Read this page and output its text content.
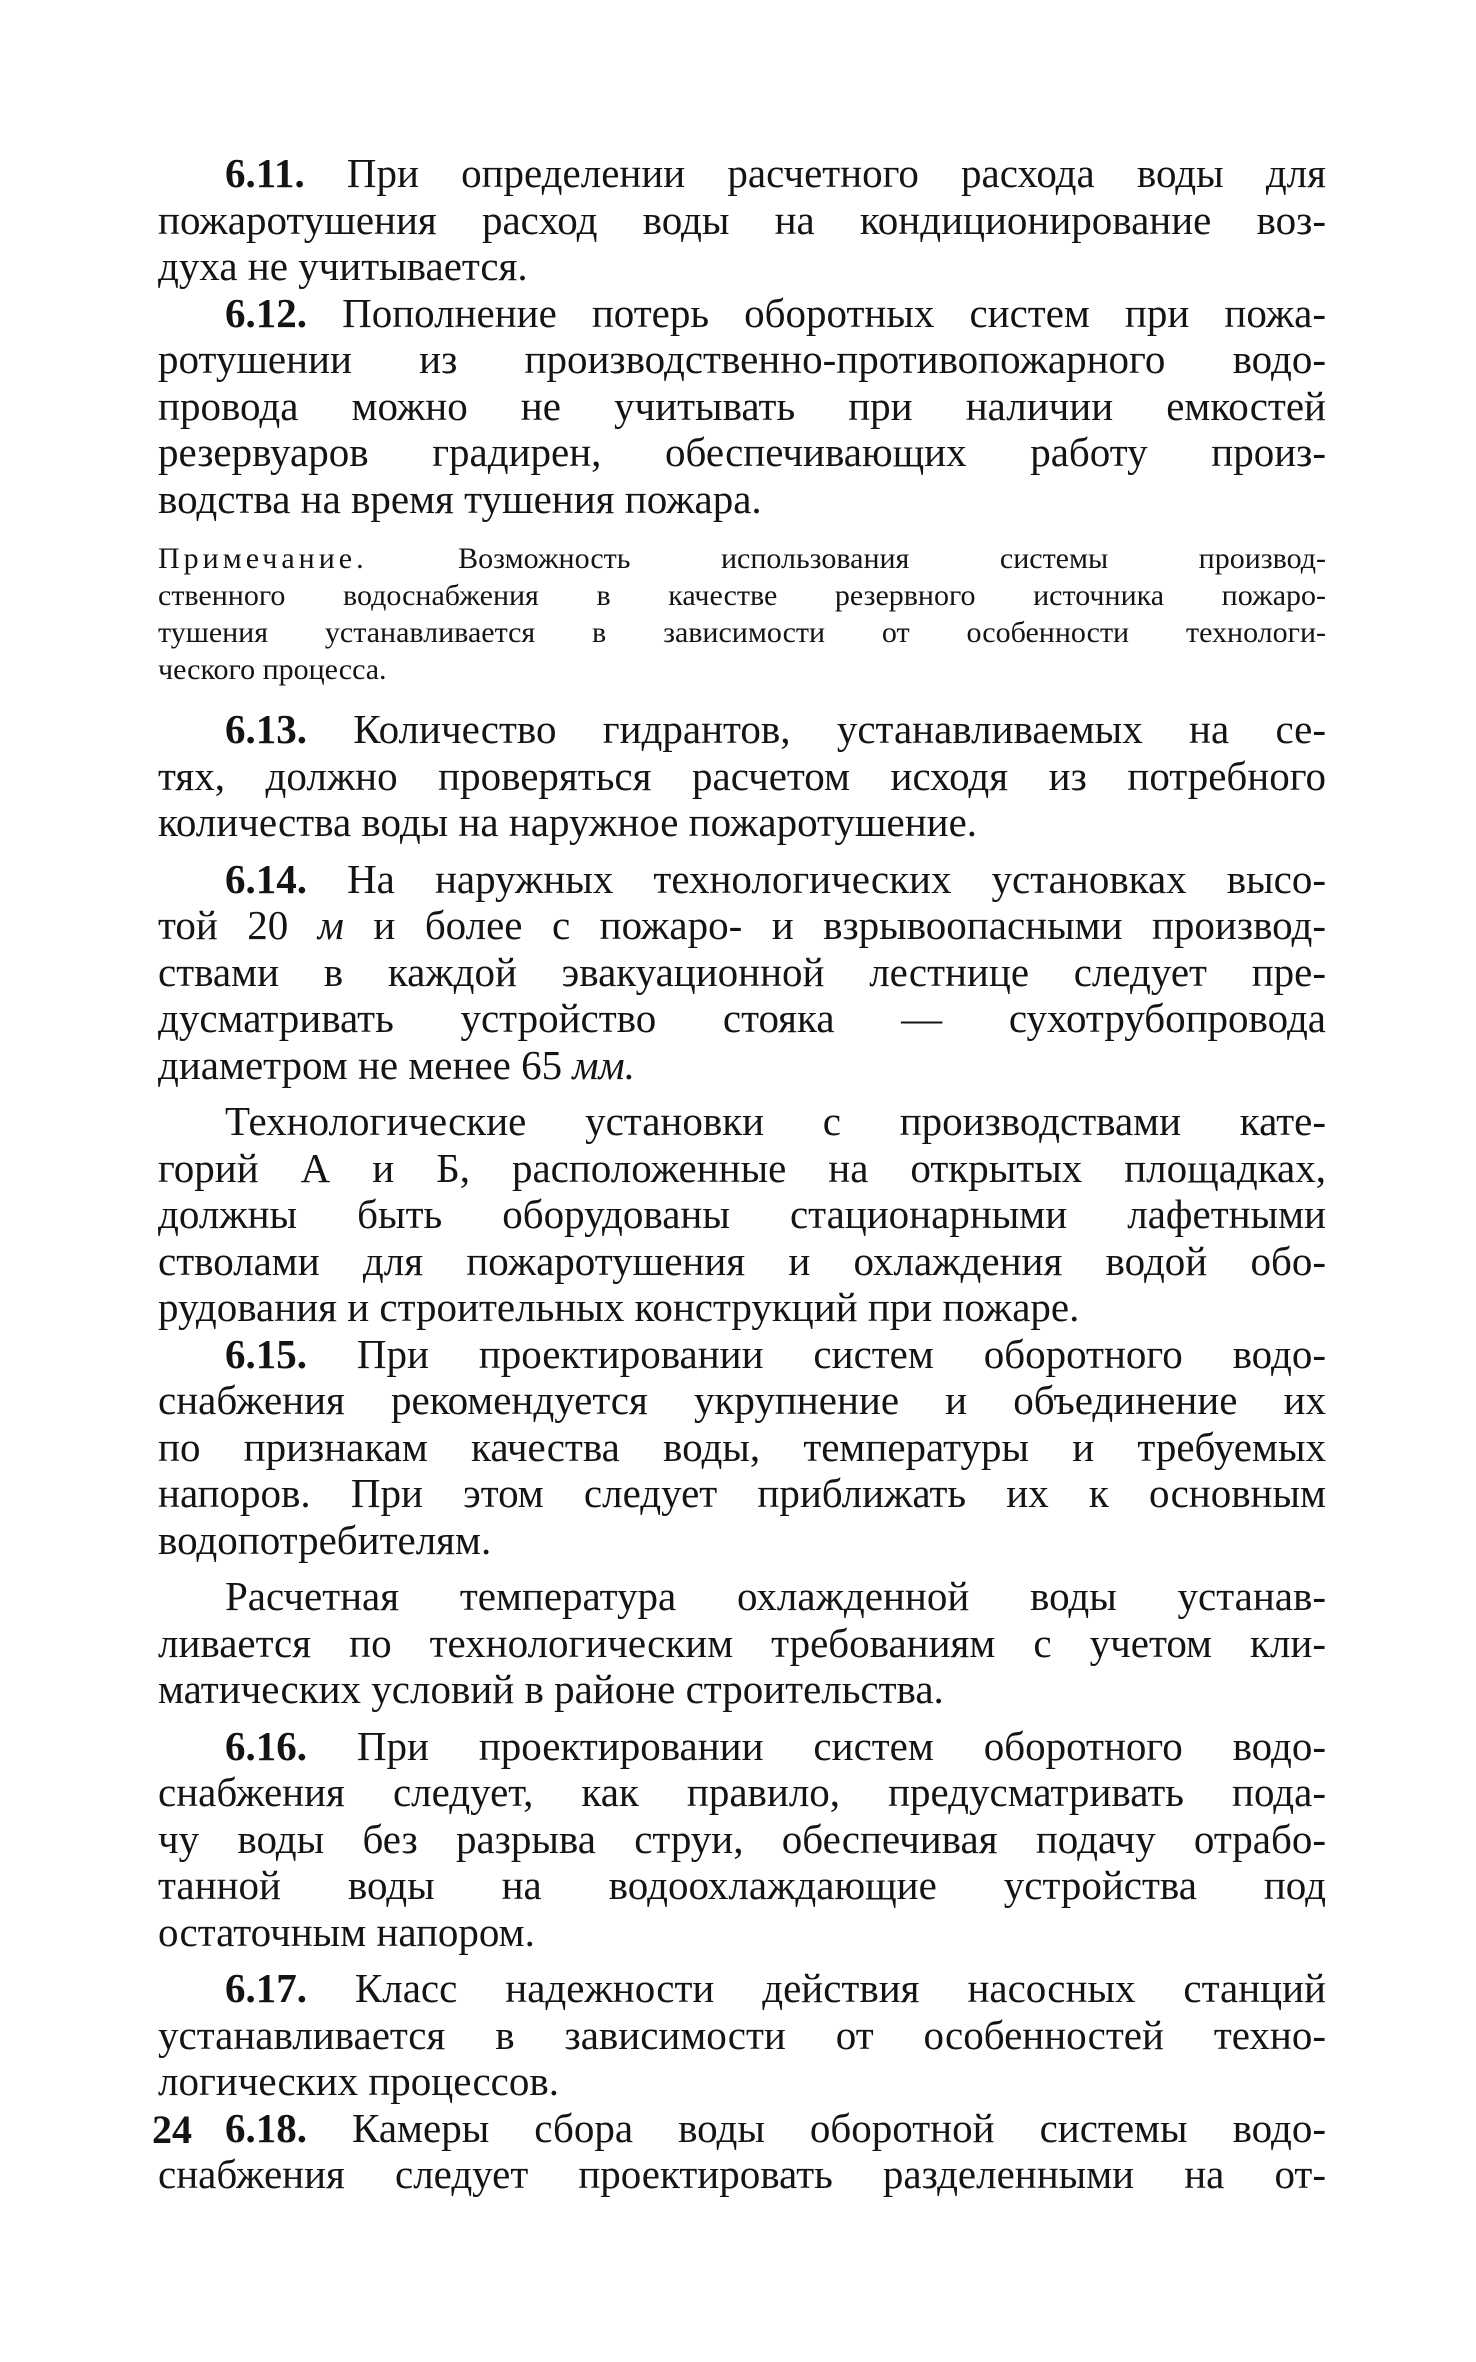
6.11. При определении расчетного расхода воды для
пожаротушения расход воды на кондиционирование воз-
духа не учитывается.

6.12. Пополнение потерь оборотных систем при пожа-
ротушении из производственно-противопожарного водо-
провода можно не учитывать при наличии емкостей
резервуаров градирен, обеспечивающих работу произ-
водства на время тушения пожара.

Примечание. Возможность использования системы производ-
ственного водоснабжения в качестве резервного источника пожаро-
тушения устанавливается в зависимости от особенности технологи-
ческого процесса.

6.13. Количество гидрантов, устанавливаемых на се-
тях, должно проверяться расчетом исходя из потребного
количества воды на наружное пожаротушение.

6.14. На наружных технологических установках высо-
той 20 м и более с пожаро- и взрывоопасными производ-
ствами в каждой эвакуационной лестнице следует пре-
дусматривать устройство стояка — сухотрубопровода
диаметром не менее 65 мм.

Технологические установки с производствами кате-
горий А и Б, расположенные на открытых площадках,
должны быть оборудованы стационарными лафетными
стволами для пожаротушения и охлаждения водой обо-
рудования и строительных конструкций при пожаре.

6.15. При проектировании систем оборотного водо-
снабжения рекомендуется укрупнение и объединение их
по признакам качества воды, температуры и требуемых
напоров. При этом следует приближать их к основным
водопотребителям.

Расчетная температура охлажденной воды устанав-
ливается по технологическим требованиям с учетом кли-
матических условий в районе строительства.

6.16. При проектировании систем оборотного водо-
снабжения следует, как правило, предусматривать пода-
чу воды без разрыва струи, обеспечивая подачу отрабо-
танной воды на водоохлаждающие устройства под
остаточным напором.

6.17. Класс надежности действия насосных станций
устанавливается в зависимости от особенностей техно-
логических процессов.

6.18. Камеры сбора воды оборотной системы водо-
снабжения следует проектировать разделенными на от-

24
